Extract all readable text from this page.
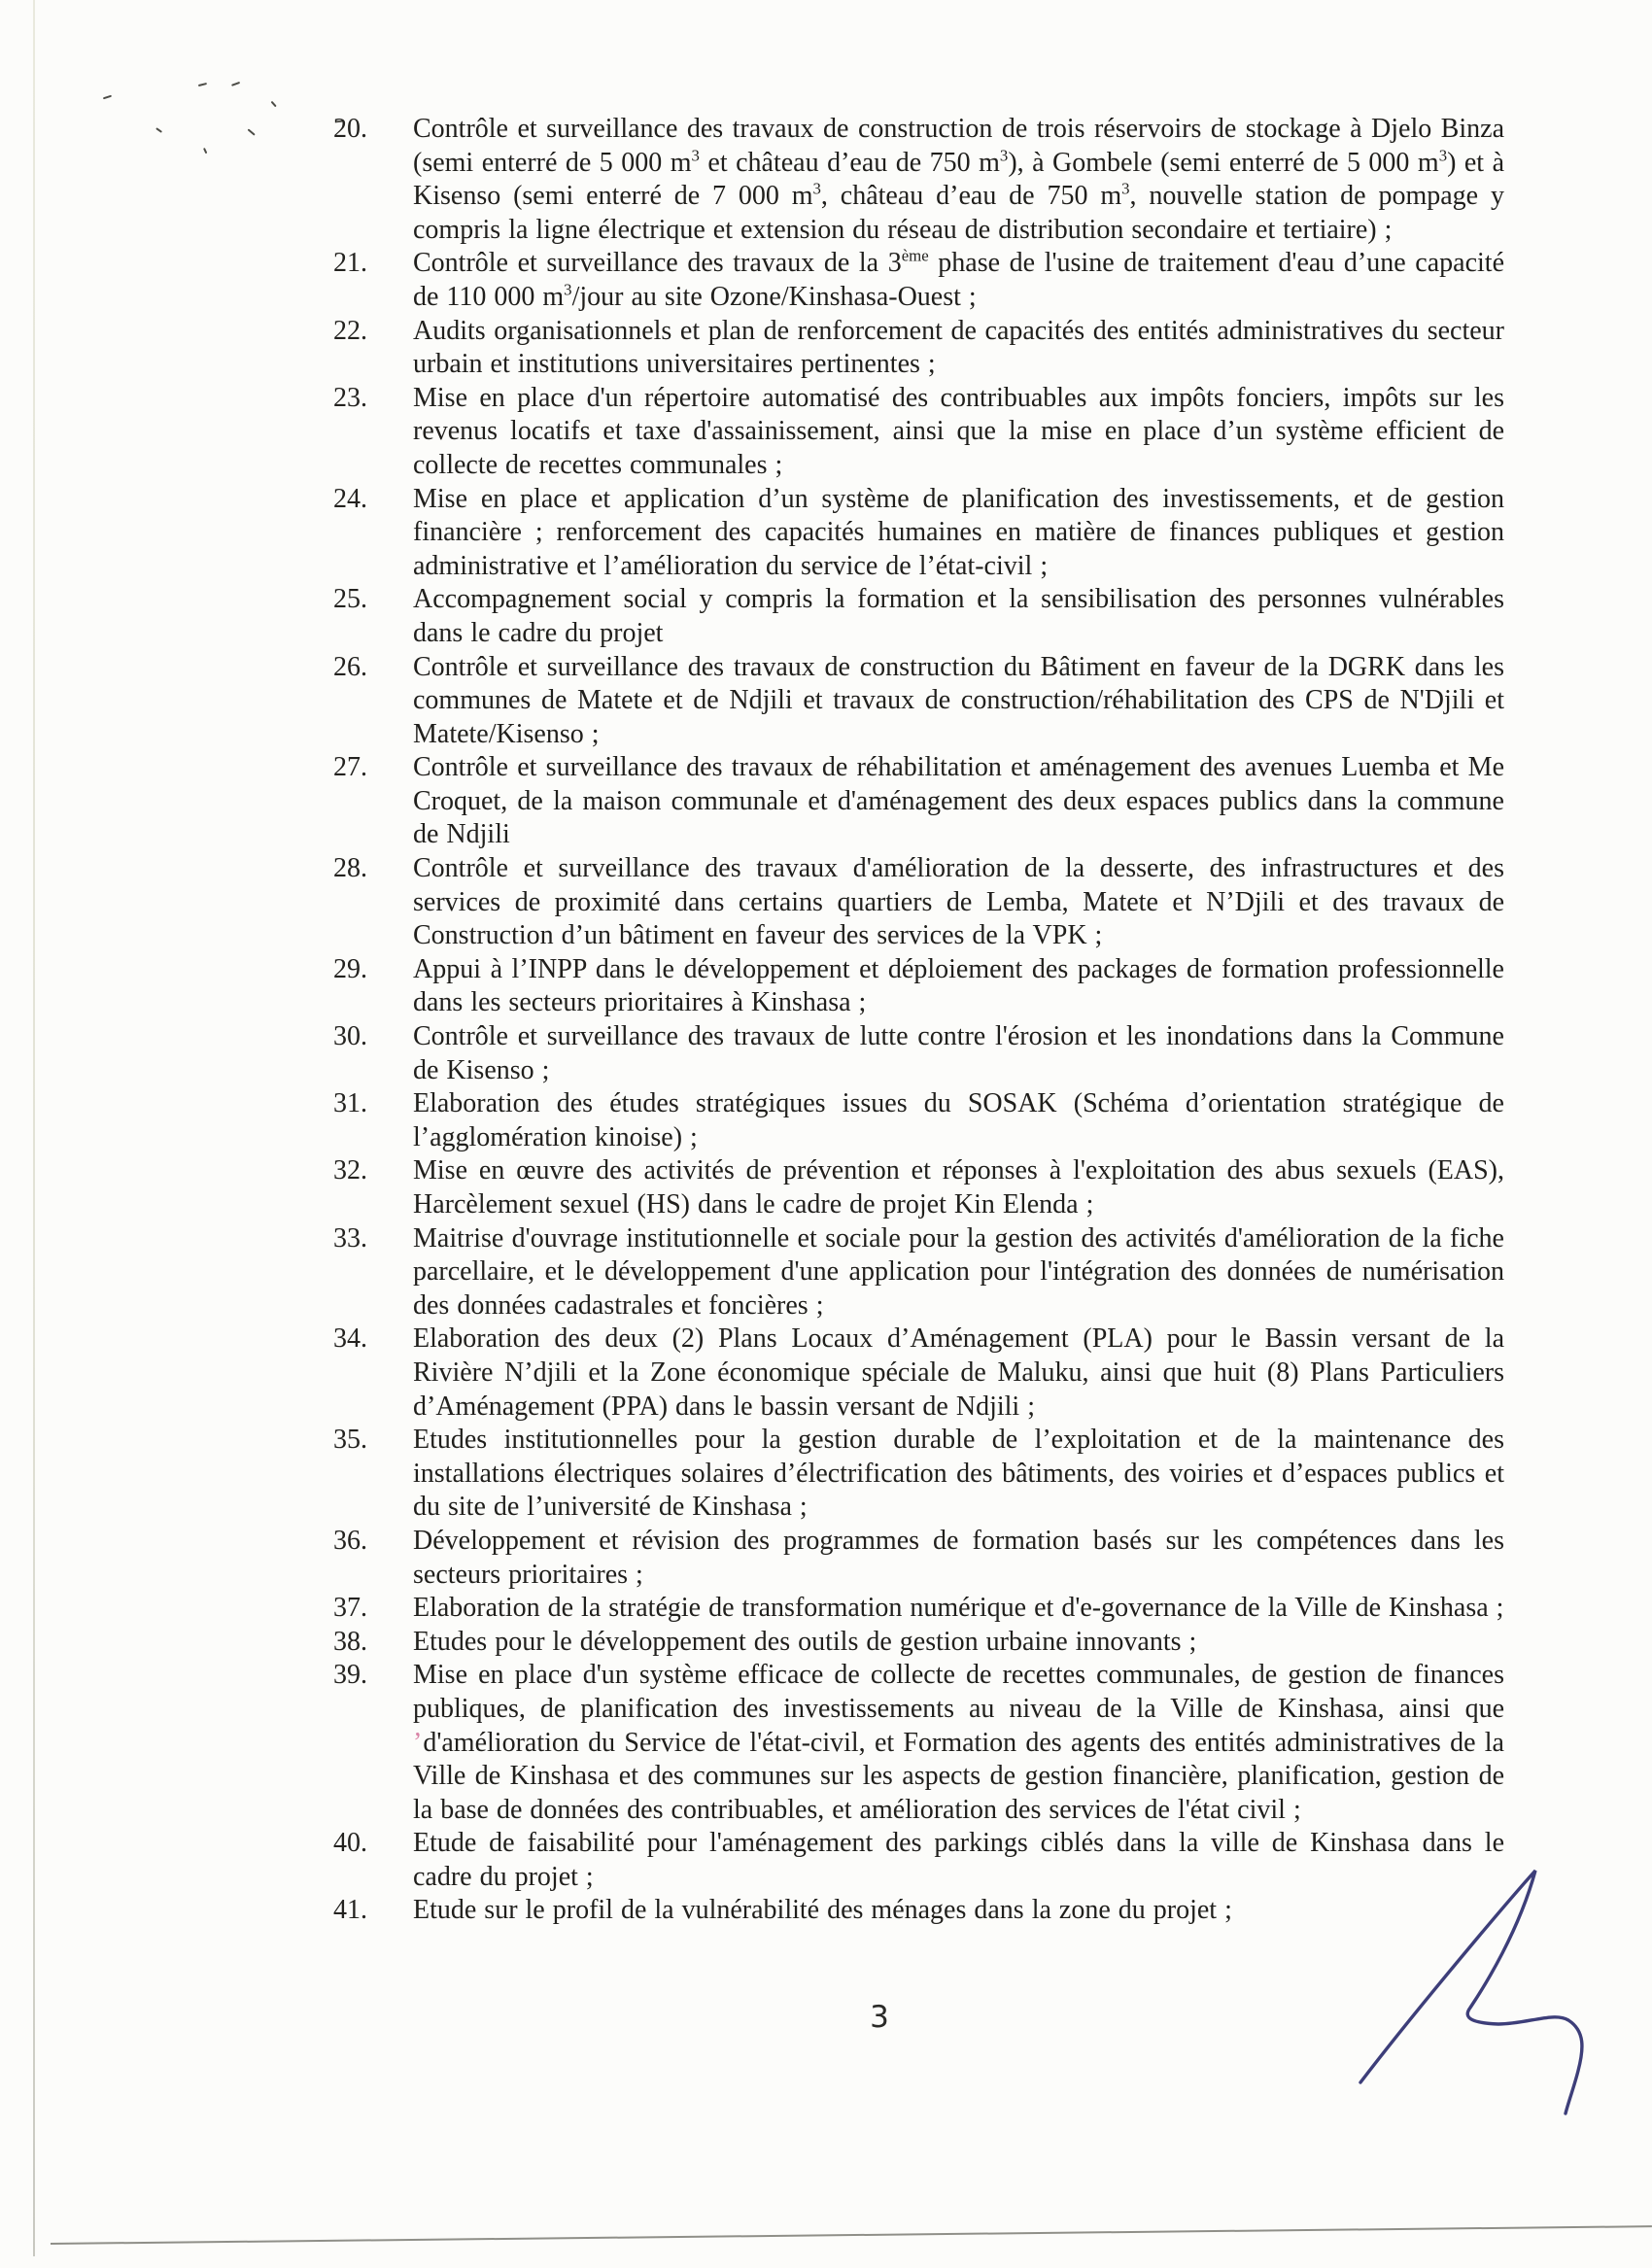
20.	Contrôle et surveillance des travaux de construction de trois réservoirs de stockage à Djelo Binza (semi enterré de 5 000 $m^3$ et château d’eau de 750 $m^3$), à Gombele (semi enterré de 5 000 $m^3$) et à Kisenso (semi enterré de 7 000 $m^3$, château d’eau de 750 $m^3$, nouvelle station de pompage y compris la ligne électrique et extension du réseau de distribution secondaire et tertiaire) ;
21.	Contrôle et surveillance des travaux de la 3ème phase de l'usine de traitement d'eau d’une capacité de 110 000 $m^3$/jour au site Ozone/Kinshasa-Ouest ;
22.	Audits organisationnels et plan de renforcement de capacités des entités administratives du secteur urbain et institutions universitaires pertinentes ;
23.	Mise en place d'un répertoire automatisé des contribuables aux impôts fonciers, impôts sur les revenus locatifs et taxe d'assainissement, ainsi que la mise en place d’un système efficient de collecte de recettes communales ;
24.	Mise en place et application d’un système de planification des investissements, et de gestion financière ; renforcement des capacités humaines en matière de finances publiques et gestion administrative et l’amélioration du service de l’état-civil ;
25.	Accompagnement social y compris la formation et la sensibilisation des personnes vulnérables dans le cadre du projet
26.	Contrôle et surveillance des travaux de construction du Bâtiment en faveur de la DGRK dans les communes de Matete et de Ndjili et travaux de construction/réhabilitation des CPS de N'Djili et Matete/Kisenso ;
27.	Contrôle et surveillance des travaux de réhabilitation et aménagement des avenues Luemba et Me Croquet, de la maison communale et d'aménagement des deux espaces publics dans la commune de Ndjili
28.	Contrôle et surveillance des travaux d'amélioration de la desserte, des infrastructures et des services de proximité dans certains quartiers de Lemba, Matete et N’Djili et des travaux de Construction d’un bâtiment en faveur des services de la VPK ;
29.	Appui à l’INPP dans le développement et déploiement des packages de formation professionnelle dans les secteurs prioritaires à Kinshasa ;
30.	Contrôle et surveillance des travaux de lutte contre l'érosion et les inondations dans la Commune de Kisenso ;
31.	Elaboration des études stratégiques issues du SOSAK (Schéma d’orientation stratégique de l’agglomération kinoise) ;
32.	Mise en œuvre des activités de prévention et réponses à l'exploitation des abus sexuels (EAS), Harcèlement sexuel (HS) dans le cadre de projet Kin Elenda ;
33.	Maitrise d'ouvrage institutionnelle et sociale pour la gestion des activités d'amélioration de la fiche parcellaire, et le développement d'une application pour l'intégration des données de numérisation des données cadastrales et foncières ;
34.	Elaboration des deux (2) Plans Locaux d’Aménagement (PLA) pour le Bassin versant de la Rivière N’djili et la Zone économique spéciale de Maluku, ainsi que huit (8) Plans Particuliers d’Aménagement (PPA) dans le bassin versant de Ndjili ;
35.	Etudes institutionnelles pour la gestion durable de l’exploitation et de la maintenance des installations électriques solaires d’électrification des bâtiments, des voiries et d’espaces publics et du site de l’université de Kinshasa ;
36.	Développement et révision des programmes de formation basés sur les compétences dans les secteurs prioritaires ;
37.	Elaboration de la stratégie de transformation numérique et d'e-governance de la Ville de Kinshasa ;
38.	Etudes pour le développement des outils de gestion urbaine innovants ;
39.	Mise en place d'un système efficace de collecte de recettes communales, de gestion de finances publiques, de planification des investissements au niveau de la Ville de Kinshasa, ainsi que ʼd'amélioration du Service de l'état-civil, et Formation des agents des entités administratives de la Ville de Kinshasa et des communes sur les aspects de gestion financière, planification, gestion de la base de données des contribuables, et amélioration des services de l'état civil ;
40.	Etude de faisabilité pour l'aménagement des parkings ciblés dans la ville de Kinshasa dans le cadre du projet ;
41.	Etude sur le profil de la vulnérabilité des ménages dans la zone du projet ;
3
